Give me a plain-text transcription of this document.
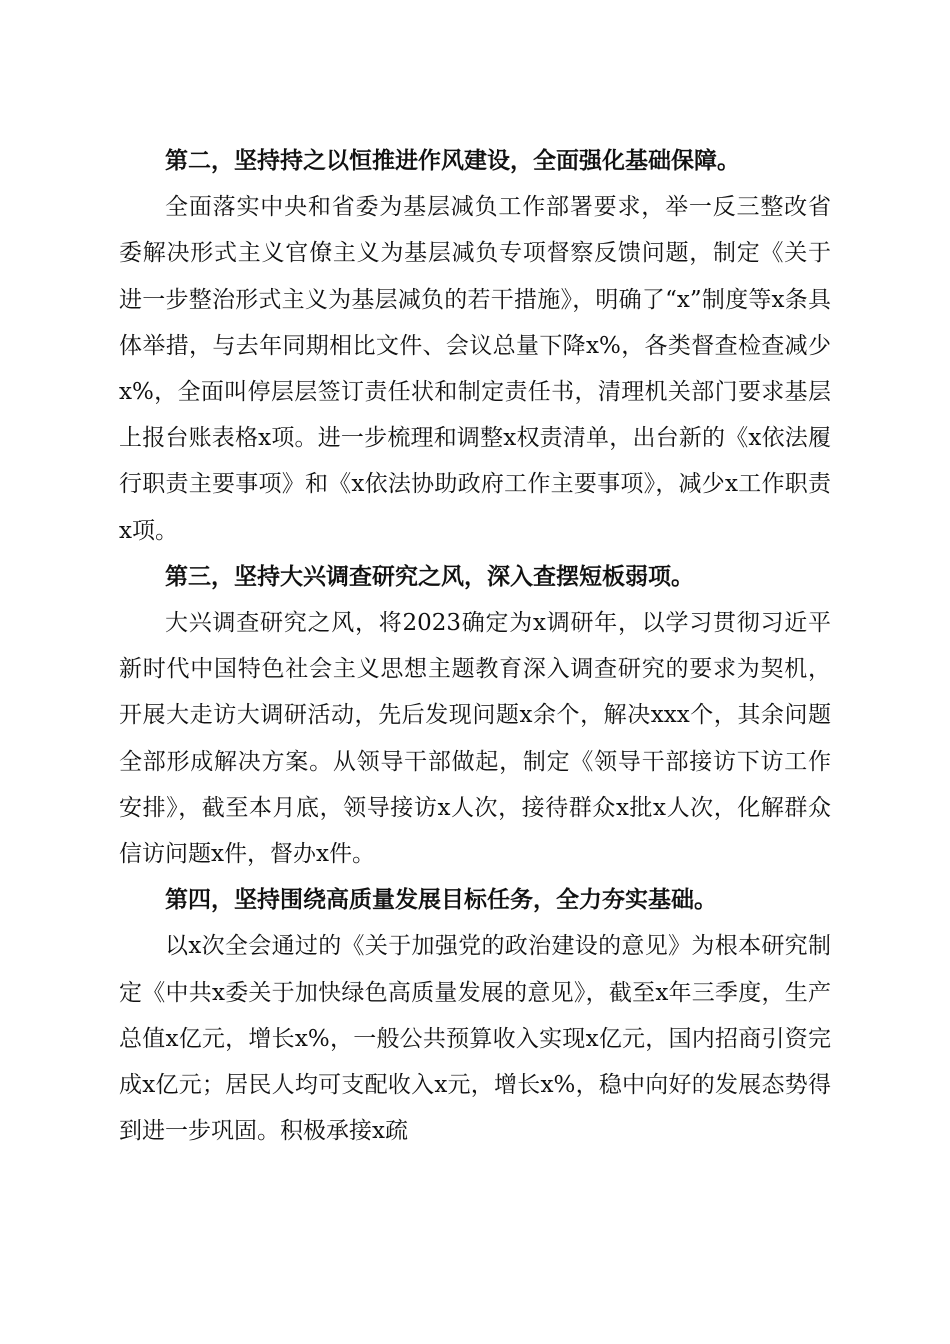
第二，坚持持之以恒推进作风建设，全面强化基础保障。

全面落实中央和省委为基层减负工作部署要求，举一反三整改省委解决形式主义官僚主义为基层减负专项督察反馈问题，制定《关于进一步整治形式主义为基层减负的若干措施》，明确了“x”制度等x条具体举措，与去年同期相比文件、会议总量下降x%，各类督查检查减少x%，全面叫停层层签订责任状和制定责任书，清理机关部门要求基层上报台账表格x项。进一步梳理和调整x权责清单，出台新的《x依法履行职责主要事项》和《x依法协助政府工作主要事项》，减少x工作职责x项。

第三，坚持大兴调查研究之风，深入查摆短板弱项。

大兴调查研究之风，将2023确定为x调研年，以学习贯彻习近平新时代中国特色社会主义思想主题教育深入调查研究的要求为契机，开展大走访大调研活动，先后发现问题x余个，解决xxx个，其余问题全部形成解决方案。从领导干部做起，制定《领导干部接访下访工作安排》，截至本月底，领导接访x人次，接待群众x批x人次，化解群众信访问题x件，督办x件。

第四，坚持围绕高质量发展目标任务，全力夯实基础。

以x次全会通过的《关于加强党的政治建设的意见》为根本研究制定《中共x委关于加快绿色高质量发展的意见》，截至x年三季度，生产总值x亿元，增长x%，一般公共预算收入实现x亿元，国内招商引资完成x亿元；居民人均可支配收入x元，增长x%，稳中向好的发展态势得到进一步巩固。积极承接x疏
